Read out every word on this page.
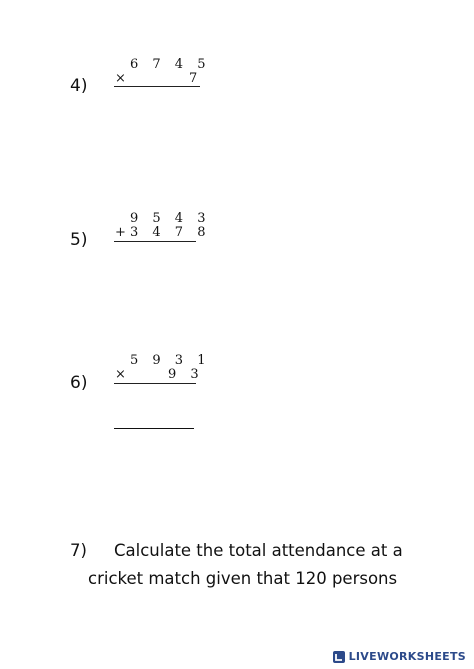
4)
6 7 4 5

×

	7

5)
9 5 4 3

+

3 4 7 8

6)
5 9 3 1

×

	9 3

7) Calculate the total attendance at a
cricket match given that 120 persons
LIVEWORKSHEETS
